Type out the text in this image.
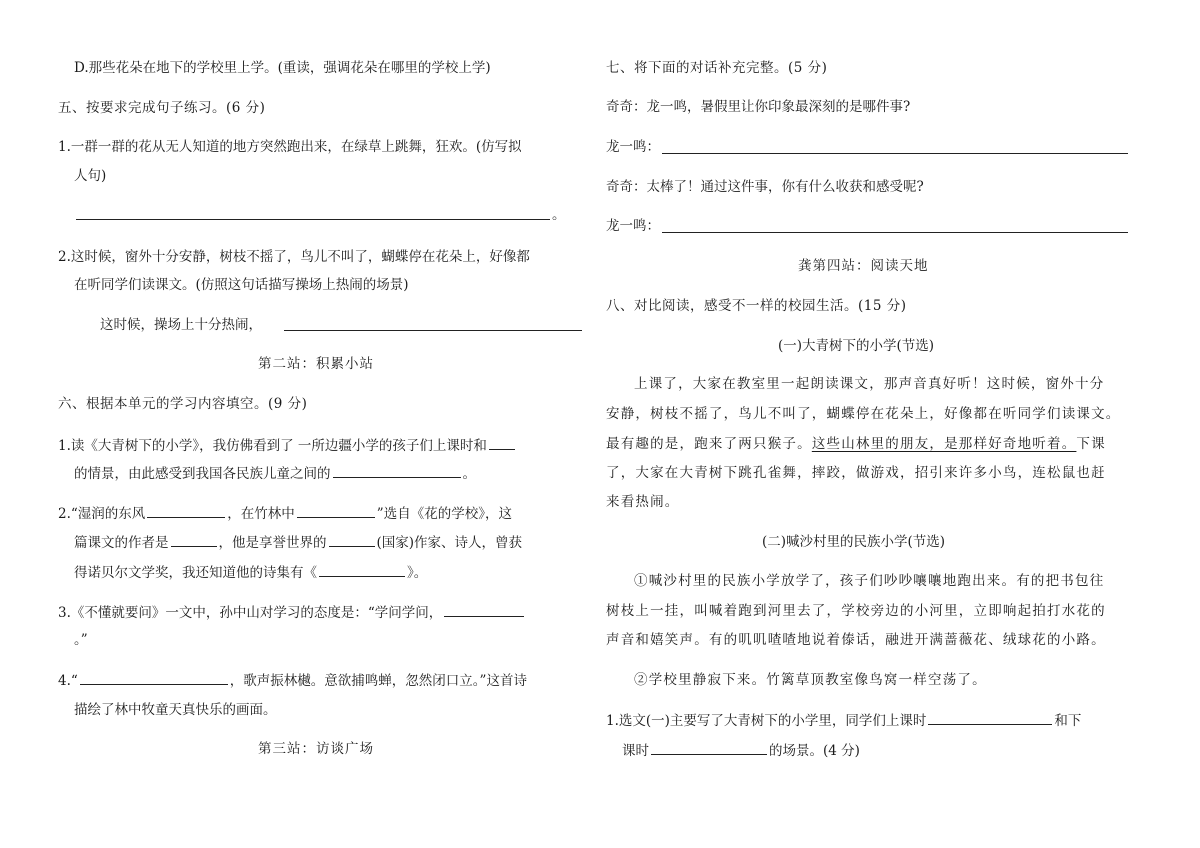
D.那些花朵在地下的学校里上学。(重读，强调花朵在哪里的学校上学)
五、按要求完成句子练习。(6 分)
1.一群一群的花从无人知道的地方突然跑出来，在绿草上跳舞，狂欢。(仿写拟
人句)
。
2.这时候，窗外十分安静，树枝不摇了，鸟儿不叫了，蝴蝶停在花朵上，好像都
在听同学们读课文。(仿照这句话描写操场上热闹的场景)
这时候，操场上十分热闹，
第二站：积累小站
六、根据本单元的学习内容填空。(9 分)
1.读《大青树下的小学》，我仿佛看到了 一所边疆小学的孩子们上课时和
的情景，由此感受到我国各民族儿童之间的	。
2.“湿润的东风	，在竹林中	”选自《花的学校》，这
篇课文的作者是	，他是享誉世界的	(国家)作家、诗人，曾获
得诺贝尔文学奖，我还知道他的诗集有《	》。
3.《不懂就要问》一文中，孙中山对学习的态度是：“学问学问，
。”
4.“	，歌声振林樾。意欲捕鸣蝉，忽然闭口立。”这首诗
描绘了林中牧童天真快乐的画面。
第三站：访谈广场
七、将下面的对话补充完整。(5 分)
奇奇：龙一鸣，暑假里让你印象最深刻的是哪件事?
龙一鸣：
奇奇：太棒了！通过这件事，你有什么收获和感受呢?
龙一鸣：
龚第四站：阅读天地
八、对比阅读，感受不一样的校园生活。(15 分)
(一)大青树下的小学(节选)
上课了，大家在教室里一起朗读课文，那声音真好听！这时候，窗外十分
安静，树枝不摇了，鸟儿不叫了，蝴蝶停在花朵上，好像都在听同学们读课文。
最有趣的是，跑来了两只猴子。这些山林里的朋友，是那样好奇地听着。下课
了，大家在大青树下跳孔雀舞，摔跤，做游戏，招引来许多小鸟，连松鼠也赶
来看热闹。
(二)喊沙村里的民族小学(节选)
①喊沙村里的民族小学放学了，孩子们吵吵嚷嚷地跑出来。有的把书包往
树枝上一挂，叫喊着跑到河里去了，学校旁边的小河里，立即响起拍打水花的
声音和嬉笑声。有的叽叽喳喳地说着傣话，融进开满蔷薇花、绒球花的小路。
②学校里静寂下来。竹篱草顶教室像鸟窝一样空荡了。
1.选文(一)主要写了大青树下的小学里，同学们上课时	和下
课时	的场景。(4 分)
